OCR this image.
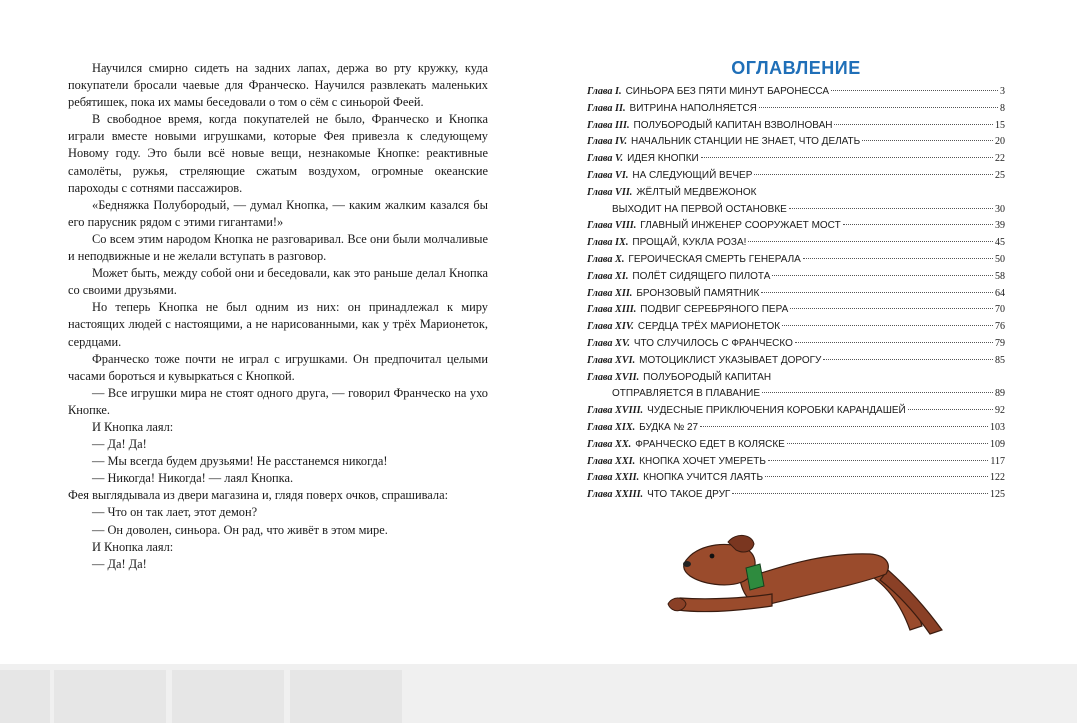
Научился смирно сидеть на задних лапах, держа во рту кружку, куда покупатели бросали чаевые для Франческо. Научился развлекать маленьких ребятишек, пока их мамы беседовали о том о сём с синьорой Феей.

В свободное время, когда покупателей не было, Франческо и Кнопка играли вместе новыми игрушками, которые Фея привезла к следующему Новому году. Это были всё новые вещи, незнакомые Кнопке: реактивные самолёты, ружья, стреляющие сжатым воздухом, огромные океанские пароходы с сотнями пассажиров.

«Бедняжка Полубородый, — думал Кнопка, — каким жалким казался бы его парусник рядом с этими гигантами!»

Со всем этим народом Кнопка не разговаривал. Все они были молчаливые и неподвижные и не желали вступать в разговор.

Может быть, между собой они и беседовали, как это раньше делал Кнопка со своими друзьями.

Но теперь Кнопка не был одним из них: он принадлежал к миру настоящих людей с настоящими, а не нарисованными, как у трёх Марионеток, сердцами.

Франческо тоже почти не играл с игрушками. Он предпочитал целыми часами бороться и кувыркаться с Кнопкой.

— Все игрушки мира не стоят одного друга, — говорил Франческо на ухо Кнопке.

И Кнопка лаял:

— Да! Да!

— Мы всегда будем друзьями! Не расстанемся никогда!

— Никогда! Никогда! — лаял Кнопка.

Фея выглядывала из двери магазина и, глядя поверх очков, спрашивала:

— Что он так лает, этот демон?

— Он доволен, синьора. Он рад, что живёт в этом мире.

И Кнопка лаял:

— Да! Да!

ОГЛАВЛЕНИЕ
Глава I. СИНЬОРА БЕЗ ПЯТИ МИНУТ БАРОНЕССА	3
Глава II. ВИТРИНА НАПОЛНЯЕТСЯ	8
Глава III. ПОЛУБОРОДЫЙ КАПИТАН ВЗВОЛНОВАН	15
Глава IV. НАЧАЛЬНИК СТАНЦИИ НЕ ЗНАЕТ, ЧТО ДЕЛАТЬ	20
Глава V. ИДЕЯ КНОПКИ	22
Глава VI. НА СЛЕДУЮЩИЙ ВЕЧЕР	25
Глава VII. ЖЁЛТЫЙ МЕДВЕЖОНОК
ВЫХОДИТ НА ПЕРВОЙ ОСТАНОВКЕ	30
Глава VIII. ГЛАВНЫЙ ИНЖЕНЕР СООРУЖАЕТ МОСТ	39
Глава IX. ПРОЩАЙ, КУКЛА РОЗА!	45
Глава X. ГЕРОИЧЕСКАЯ СМЕРТЬ ГЕНЕРАЛА	50
Глава XI. ПОЛЁТ СИДЯЩЕГО ПИЛОТА	58
Глава XII. БРОНЗОВЫЙ ПАМЯТНИК	64
Глава XIII. ПОДВИГ СЕРЕБРЯНОГО ПЕРА	70
Глава XIV. СЕРДЦА ТРЁХ МАРИОНЕТОК	76
Глава XV. ЧТО СЛУЧИЛОСЬ С ФРАНЧЕСКО	79
Глава XVI. МОТОЦИКЛИСТ УКАЗЫВАЕТ ДОРОГУ	85
Глава XVII. ПОЛУБОРОДЫЙ КАПИТАН
ОТПРАВЛЯЕТСЯ В ПЛАВАНИЕ	89
Глава XVIII. ЧУДЕСНЫЕ ПРИКЛЮЧЕНИЯ КОРОБКИ КАРАНДАШЕЙ	92
Глава XIX. БУДКА № 27	103
Глава XX. ФРАНЧЕСКО ЕДЕТ В КОЛЯСКЕ	109
Глава XXI. КНОПКА ХОЧЕТ УМЕРЕТЬ	117
Глава XXII. КНОПКА УЧИТСЯ ЛАЯТЬ	122
Глава XXIII. ЧТО ТАКОЕ ДРУГ	125
